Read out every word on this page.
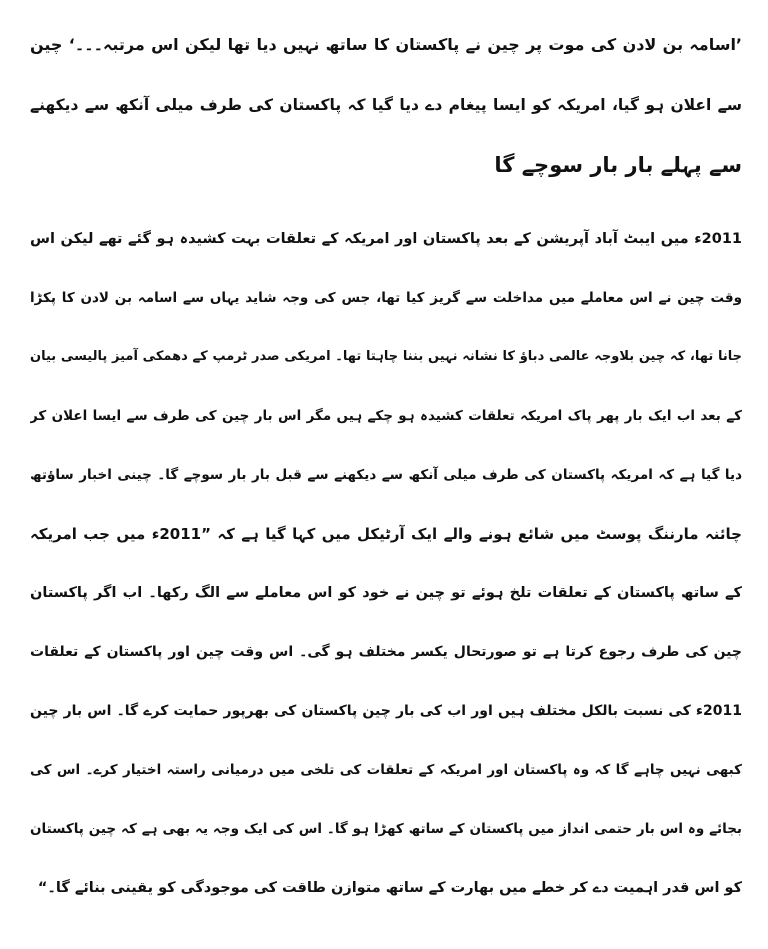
’اسامہ بن لادن کی موت پر چین نے پاکستان کا ساتھ نہیں دیا تھا لیکن اس مرتبہ۔۔۔‘ چین
سے اعلان ہو گیا، امریکہ کو ایسا پیغام دے دیا گیا کہ پاکستان کی طرف میلی آنکھ سے دیکھنے
سے پہلے بار بار سوچے گا
2011ء میں ایبٹ آباد آپریشن کے بعد پاکستان اور امریکہ کے تعلقات بہت کشیدہ ہو گئے تھے لیکن اس
وقت چین نے اس معاملے میں مداخلت سے گریز کیا تھا، جس کی وجہ شاید یہاں سے اسامہ بن لادن کا پکڑا
جانا تھا، کہ چین بلاوجہ عالمی دباؤ کا نشانہ نہیں بننا چاہتا تھا۔ امریکی صدر ٹرمپ کے دھمکی آمیز پالیسی بیان
کے بعد اب ایک بار پھر پاک امریکہ تعلقات کشیدہ ہو چکے ہیں مگر اس بار چین کی طرف سے ایسا اعلان کر
دیا گیا ہے کہ امریکہ پاکستان کی طرف میلی آنکھ سے دیکھنے سے قبل بار بار سوچے گا۔ چینی اخبار ساؤتھ
چائنہ مارننگ پوسٹ میں شائع ہونے والے ایک آرٹیکل میں کہا گیا ہے کہ ”2011ء میں جب امریکہ
کے ساتھ پاکستان کے تعلقات تلخ ہوئے تو چین نے خود کو اس معاملے سے الگ رکھا۔ اب اگر پاکستان
چین کی طرف رجوع کرتا ہے تو صورتحال یکسر مختلف ہو گی۔ اس وقت چین اور پاکستان کے تعلقات
2011ء کی نسبت بالکل مختلف ہیں اور اب کی بار چین پاکستان کی بھرپور حمایت کرے گا۔ اس بار چین
کبھی نہیں چاہے گا کہ وہ پاکستان اور امریکہ کے تعلقات کی تلخی میں درمیانی راستہ اختیار کرے۔ اس کی
بجائے وہ اس بار حتمی انداز میں پاکستان کے ساتھ کھڑا ہو گا۔ اس کی ایک وجہ یہ بھی ہے کہ چین پاکستان
کو اس قدر اہمیت دے کر خطے میں بھارت کے ساتھ متوازن طاقت کی موجودگی کو یقینی بنائے گا۔“
